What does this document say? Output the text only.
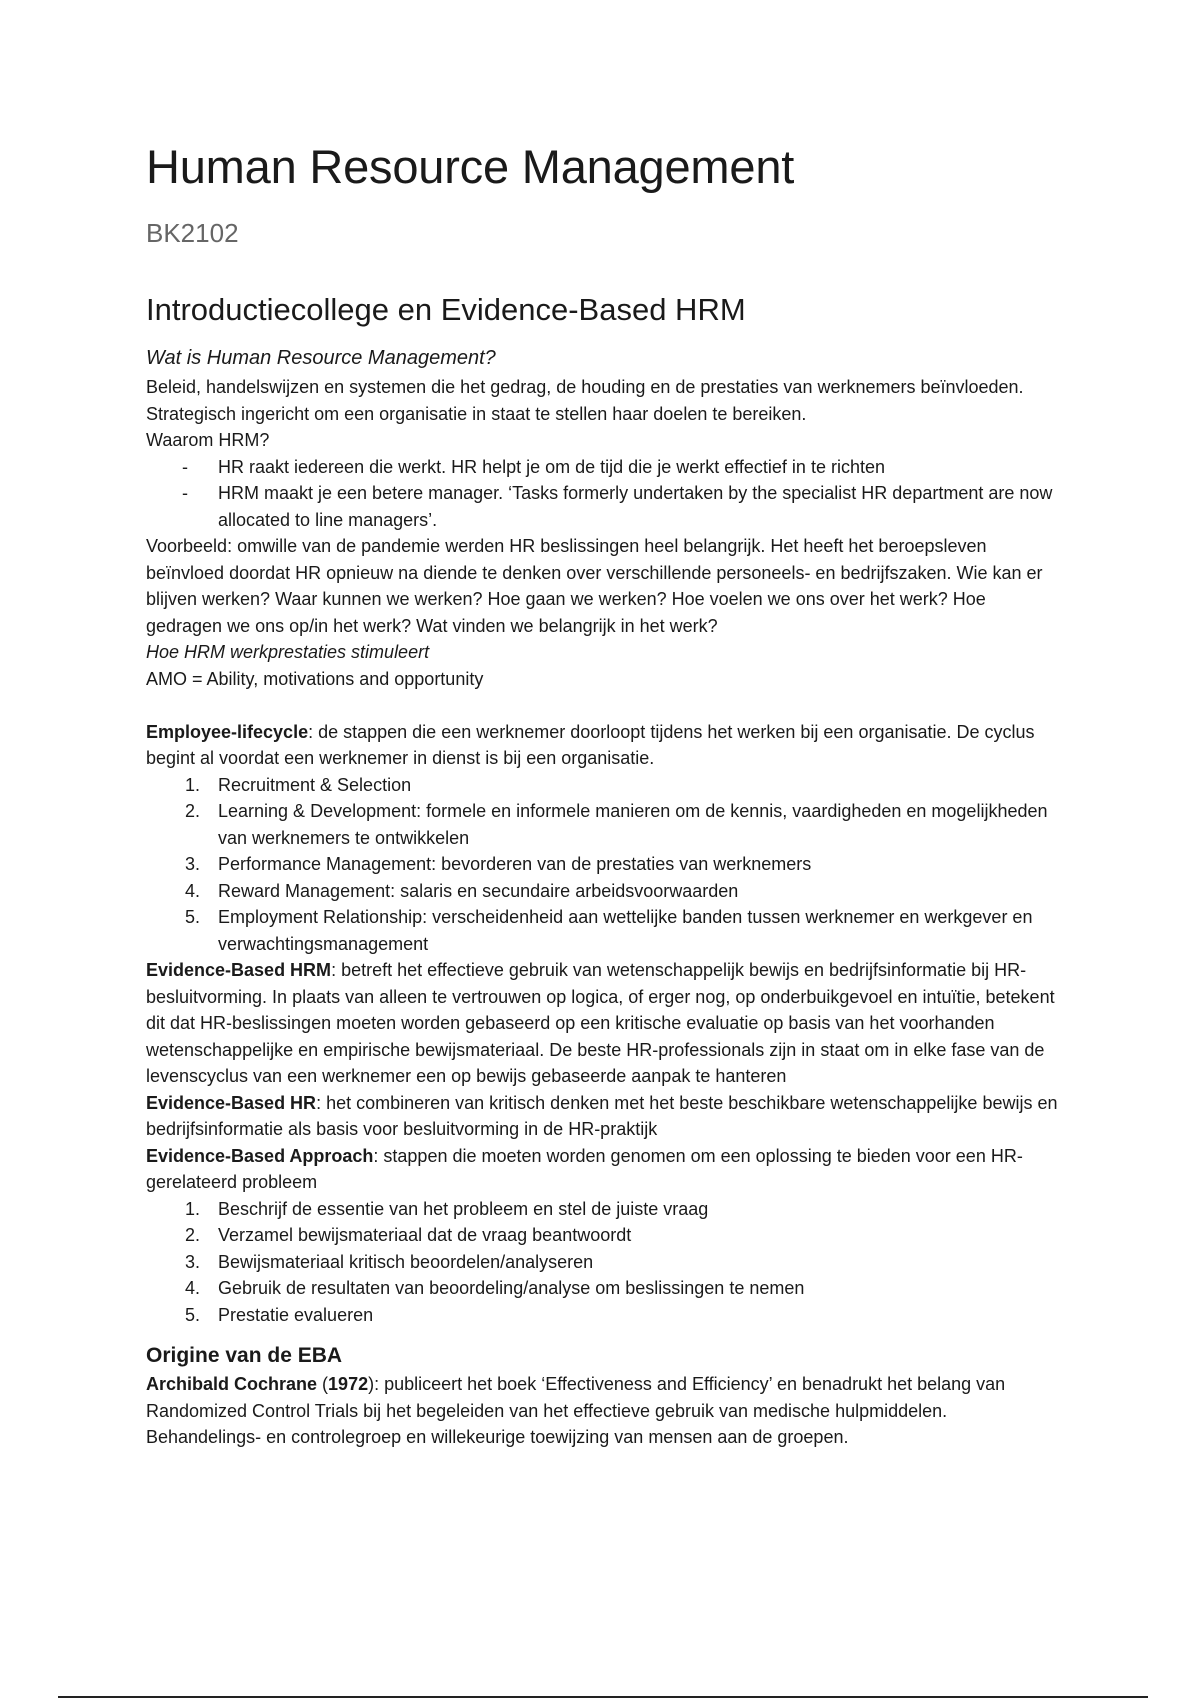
Human Resource Management
BK2102
Introductiecollege en Evidence-Based HRM

Wat is Human Resource Management?

Beleid, handelswijzen en systemen die het gedrag, de houding en de prestaties van werknemers beïnvloeden. Strategisch ingericht om een organisatie in staat te stellen haar doelen te bereiken.

Waarom HRM?

- HR raakt iedereen die werkt. HR helpt je om de tijd die je werkt effectief in te richten
- HRM maakt je een betere manager. ‘Tasks formerly undertaken by the specialist HR department are now allocated to line managers’.

Voorbeeld: omwille van de pandemie werden HR beslissingen heel belangrijk. Het heeft het beroepsleven beïnvloed doordat HR opnieuw na diende te denken over verschillende personeels- en bedrijfszaken. Wie kan er blijven werken? Waar kunnen we werken? Hoe gaan we werken? Hoe voelen we ons over het werk? Hoe gedragen we ons op/in het werk? Wat vinden we belangrijk in het werk?

Hoe HRM werkprestaties stimuleert

AMO = Ability, motivations and opportunity

Employee-lifecycle: de stappen die een werknemer doorloopt tijdens het werken bij een organisatie. De cyclus begint al voordat een werknemer in dienst is bij een organisatie.

1. Recruitment & Selection
2. Learning & Development: formele en informele manieren om de kennis, vaardigheden en mogelijkheden van werknemers te ontwikkelen
3. Performance Management: bevorderen van de prestaties van werknemers
4. Reward Management: salaris en secundaire arbeidsvoorwaarden
5. Employment Relationship: verscheidenheid aan wettelijke banden tussen werknemer en werkgever en verwachtingsmanagement

Evidence-Based HRM: betreft het effectieve gebruik van wetenschappelijk bewijs en bedrijfsinformatie bij HR-besluitvorming. In plaats van alleen te vertrouwen op logica, of erger nog, op onderbuikgevoel en intuïtie, betekent dit dat HR-beslissingen moeten worden gebaseerd op een kritische evaluatie op basis van het voorhanden wetenschappelijke en empirische bewijsmateriaal. De beste HR-professionals zijn in staat om in elke fase van de levenscyclus van een werknemer een op bewijs gebaseerde aanpak te hanteren

Evidence-Based HR: het combineren van kritisch denken met het beste beschikbare wetenschappelijke bewijs en bedrijfsinformatie als basis voor besluitvorming in de HR-praktijk

Evidence-Based Approach: stappen die moeten worden genomen om een oplossing te bieden voor een HR-gerelateerd probleem

1. Beschrijf de essentie van het probleem en stel de juiste vraag
2. Verzamel bewijsmateriaal dat de vraag beantwoordt
3. Bewijsmateriaal kritisch beoordelen/analyseren
4. Gebruik de resultaten van beoordeling/analyse om beslissingen te nemen
5. Prestatie evalueren

Origine van de EBA

Archibald Cochrane (1972): publiceert het boek ‘Effectiveness and Efficiency’ en benadrukt het belang van Randomized Control Trials bij het begeleiden van het effectieve gebruik van medische hulpmiddelen. Behandelings- en controlegroep en willekeurige toewijzing van mensen aan de groepen.
